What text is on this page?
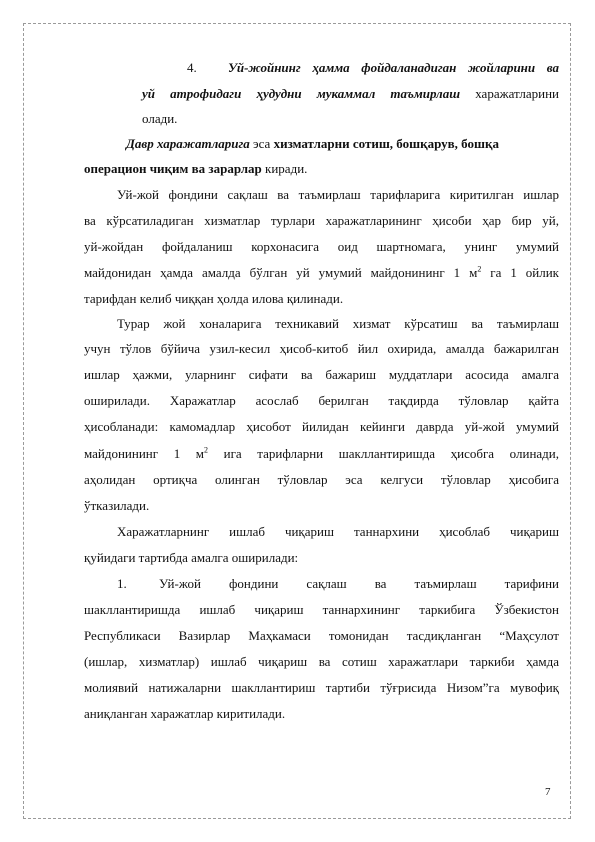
4. Уй-жойнинг ҳамма фойдаланадиган жойларини ва
уй атрофидаги ҳудудни мукаммал таъмирлаш харажатларини
олади.
Давр харажатларига эса хизматларни сотиш, бошқарув, бошқа
операцион чиқим ва зарарлар киради.
Уй-жой фондини сақлаш ва таъмирлаш тарифларига киритилган ишлар
ва кўрсатиладиган хизматлар турлари харажатларининг ҳисоби ҳар бир уй,
уй-жойдан фойдаланиш корхонасига оид шартномага, унинг умумий
майдонидан ҳамда амалда бўлган уй умумий майдонининг 1 $м^2$ га 1 ойлик
тарифдан келиб чиққан ҳолда илова қилинади.
Турар жой хоналарига техникавий хизмат кўрсатиш ва таъмирлаш
учун тўлов бўйича узил-кесил ҳисоб-китоб йил охирида, амалда бажарилган
ишлар ҳажми, уларнинг сифати ва бажариш муддатлари асосида амалга
оширилади. Харажатлар асослаб берилган тақдирда тўловлар қайта
ҳисобланади: камомадлар ҳисобот йилидан кейинги даврда уй-жой умумий
майдонининг 1 $м^2$ ига тарифларни шакллантиришда ҳисобга олинади,
аҳолидан ортиқча олинган тўловлар эса келгуси тўловлар ҳисобига
ўтказилади.
Харажатларнинг ишлаб чиқариш таннархини ҳисоблаб чиқариш
қуйидаги тартибда амалга оширилади:
1. Уй-жой фондини сақлаш ва таъмирлаш тарифини
шакллантиришда ишлаб чиқариш таннархининг таркибига Ўзбекистон
Республикаси Вазирлар Маҳкамаси томонидан тасдиқланган “Маҳсулот
(ишлар, хизматлар) ишлаб чиқариш ва сотиш харажатлари таркиби ҳамда
молиявий натижаларни шакллантириш тартиби тўғрисида Низом”га мувофиқ
аниқланган харажатлар киритилади.
7
